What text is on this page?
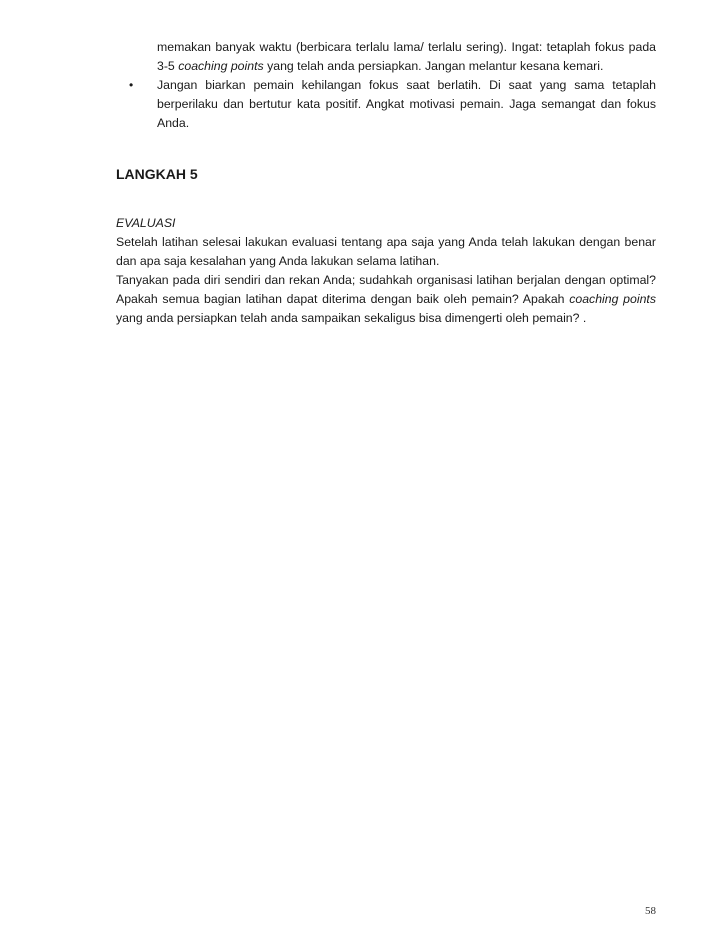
memakan banyak waktu (berbicara terlalu lama/ terlalu sering). Ingat: tetaplah fokus pada 3-5 coaching points yang telah anda persiapkan. Jangan melantur kesana kemari.
• Jangan biarkan pemain kehilangan fokus saat berlatih. Di saat yang sama tetaplah berperilaku dan bertutur kata positif. Angkat motivasi pemain. Jaga semangat dan fokus Anda.
LANGKAH 5
EVALUASI
Setelah latihan selesai lakukan evaluasi tentang apa saja yang Anda telah lakukan dengan benar dan apa saja kesalahan yang Anda lakukan selama latihan.
Tanyakan pada diri sendiri dan rekan Anda; sudahkah organisasi latihan berjalan dengan optimal? Apakah semua bagian latihan dapat diterima dengan baik oleh pemain? Apakah coaching points yang anda persiapkan telah anda sampaikan sekaligus bisa dimengerti oleh pemain? .
58
